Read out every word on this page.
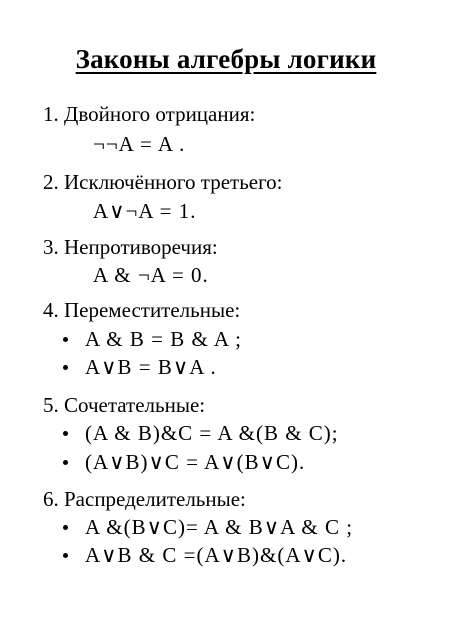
Законы алгебры логики
1. Двойного отрицания:
¬¬A = A .
2. Исключённого третьего:
A∨¬A = 1.
3. Непротиворечия:
A & ¬A = 0.
4. Переместительные:
A & B = B & A ;
A∨B = B∨A .
5. Сочетательные:
(A & B)&C = A &(B & C);
(A∨B)∨C = A∨(B∨C).
6. Распределительные:
A &(B∨C)= A & B∨A & C ;
A∨B & C =(A∨B)&(A∨C).
